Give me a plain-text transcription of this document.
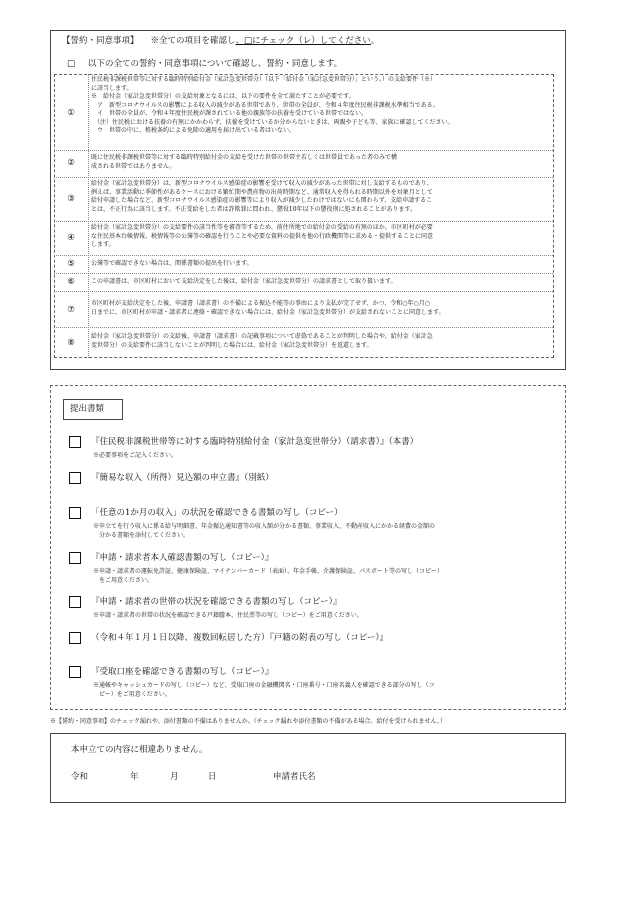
【誓約・同意事項】 ※全ての項目を確認し、□にチェック（レ）してください。
□ 以下の全ての誓約・同意事項について確認し、誓約・同意します。
①
住民税非課税世帯等に対する臨時特別給付金（家計急変世帯分）（以下「給付金（家計急変世帯分）」という。）の支給要件（※）
に該当します。
※　給付金（家計急変世帯分）の支給対象となるには、以下の要件を全て満たすことが必要です。
　ア　新型コロナウイルスの影響による収入の減少がある世帯であり、世帯の全員が、令和４年度住民税非課税水準相当である。
　イ　世帯の全員が、令和４年度住民税が課されている他の親族等の扶養を受けている世帯ではない。
　（注）住民税における扶養の有無にかかわらず、扶養を受けているか分からないときは、両親や子ども等、家族に確認してください。
　ウ　世帯の中に、租税条約による免除の適用を届け出ている者はいない。
②
既に住民税非課税世帯等に対する臨時特別給付金の支給を受けた世帯の世帯主若しくは世帯員であった者のみで構
成される世帯ではありません。
③
給付金（家計急変世帯分）は、新型コロナウイルス感染症の影響を受けて収入の減少があった世帯に対し支給するものであり、
例えば、事業活動に季節性があるケースにおける繁忙期や農産物の出荷時期など、通常収入を得られる時期以外を対象月として
給付申請した場合など、新型コロナウイルス感染症の影響等により収入が減少したわけではないにも関わらず、支給申請するこ
とは、不正行為に該当します。不正受給をした者は詐欺罪に問われ、懲役10年以下の懲役刑に処されることがあります。
④
給付金（家計急変世帯分）の支給要件の該当性等を審査等するため、前住所地での給付金の受給の有無のほか、市区町村が必要
な住民基本台帳情報、税情報等の公簿等の確認を行うことや必要な資料の提供を他の行政機関等に求める・提供することに同意
します。
⑤	公簿等で確認できない場合は、関係書類の提出を行います。
⑥	この申請書は、市区町村において支給決定をした後は、給付金（家計急変世帯分）の請求書として取り扱います。
⑦
市区町村が支給決定をした後、申請書（請求書）の不備による振込不能等の事由により支払が完了せず、かつ、令和○年○月○
日までに、市区町村が申請・請求者に連絡・確認できない場合には、給付金（家計急変世帯分）が支給されないことに同意します。
⑧
給付金（家計急変世帯分）の支給後、申請書（請求書）の記載事項について虚偽であることが判明した場合や、給付金（家計急
変世帯分）の支給要件に該当しないことが判明した場合には、給付金（家計急変世帯分）を返還します。
提出書類
『住民税非課税世帯等に対する臨時特別給付金（家計急変世帯分）（請求書）』（本書）
※必要事項をご記入ください。
『簡易な収入（所得）見込額の申立書』（別紙）
「任意の1か月の収入」の状況を確認できる書類の写し（コピー）
※申立てを行う収入に係る給与明細書、年金振込通知書等の収入額が分かる書類、事業収入、不動産収入にかかる経費の金額の
　分かる書類を添付してください。
『申請・請求者本人確認書類の写し（コピー）』
※申請・請求者の運転免許証、健康保険証、マイナンバーカード（表面）、年金手帳、介護保険証、パスポート等の写し（コピー）
　をご用意ください。
『申請・請求者の世帯の状況を確認できる書類の写し（コピー）』
※申請・請求者の世帯の状況を確認できる戸籍謄本、住民票等の写し（コピー）をご用意ください。
（令和４年１月１日以降、複数回転居した方）『戸籍の附表の写し（コピー）』
『受取口座を確認できる書類の写し（コピー）』
※通帳やキャッシュカードの写し（コピー）など、受取口座の金融機関名・口座番号・口座名義人を確認できる部分の写し（コ
　ピー）をご用意ください。
※【誓約・同意事項】のチェック漏れや、添付書類の不備はありませんか。（チェック漏れや添付書類の不備がある場合、給付を受けられません。）
本申立ての内容に相違ありません。
令和	年	月	日	申請者氏名
